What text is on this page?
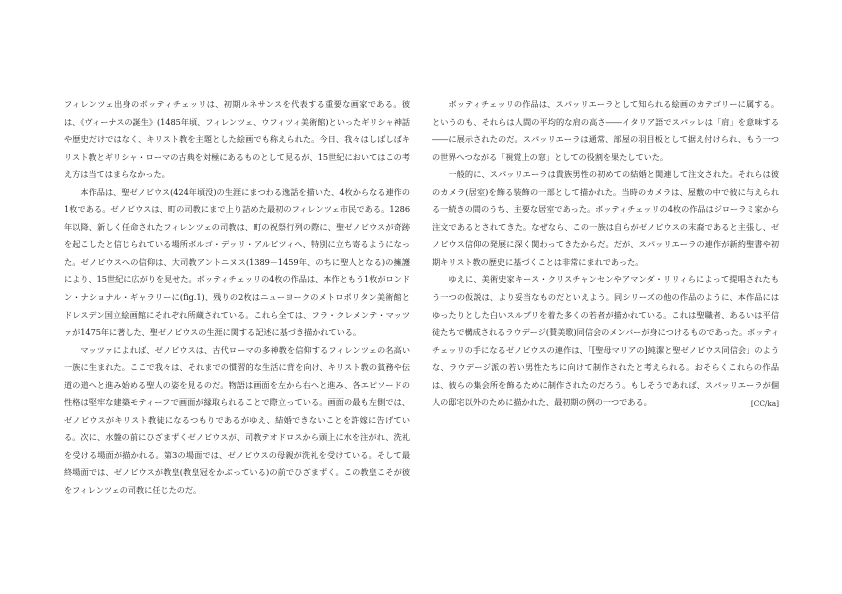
フィレンツェ出身のボッティチェッリは、初期ルネサンスを代表する重要な画家である。彼は、《ヴィーナスの誕生》(1485年頃、フィレンツェ、ウフィツィ美術館)といったギリシャ神話や歴史だけではなく、キリスト教を主題とした絵画でも称えられた。今日、我々はしばしばキリスト教とギリシャ・ローマの古典を対極にあるものとして見るが、15世紀においてはこの考え方は当てはまらなかった。

本作品は、聖ゼノビウス(424年頃没)の生涯にまつわる逸話を描いた、4枚からなる連作の1枚である。ゼノビウスは、町の司教にまで上り詰めた最初のフィレンツェ市民である。1286年以降、新しく任命されたフィレンツェの司教は、町の祝祭行列の際に、聖ゼノビウスが奇跡を起こしたと信じられている場所ボルゴ・デッリ・アルビツィへ、特別に立ち寄るようになった。ゼノビウスへの信仰は、大司教アントニヌス(1389－1459年、のちに聖人となる)の擁護により、15世紀に広がりを見せた。ボッティチェッリの4枚の作品は、本作ともう1枚がロンドン・ナショナル・ギャラリーに(fig.1)、残りの2枚はニューヨークのメトロポリタン美術館とドレスデン国立絵画館にそれぞれ所蔵されている。これら全ては、フラ・クレメンテ・マッツァが1475年に著した、聖ゼノビウスの生涯に関する記述に基づき描かれている。

マッツァによれば、ゼノビウスは、古代ローマの多神教を信仰するフィレンツェの名高い一族に生まれた。ここで我々は、それまでの慣習的な生活に背を向け、キリスト教の貧務や伝道の道へと進み始める聖人の姿を見るのだ。物語は画面を左から右へと進み、各エピソードの性格は堅牢な建築モティーフで画面が縁取られることで際立っている。画面の最も左側では、ゼノビウスがキリスト教徒になるつもりであるがゆえ、結婚できないことを許嫁に告げている。次に、水盤の前にひざまずくゼノビウスが、司教テオドロスから頭上に水を注がれ、洗礼を受ける場面が描かれる。第3の場面では、ゼノビウスの母親が洗礼を受けている。そして最終場面では、ゼノビウスが教皇(教皇冠をかぶっている)の前でひざまずく。この教皇こそが彼をフィレンツェの司教に任じたのだ。

ボッティチェッリの作品は、スパッリエーラとして知られる絵画のカテゴリーに属する。というのも、それらは人間の平均的な肩の高さ――イタリア語でスパッレは「肩」を意味する――に展示されたのだ。スパッリエーラは通常、部屋の羽目板として据え付けられ、もう一つの世界へつながる「視覚上の窓」としての役割を果たしていた。

一般的に、スパッリエーラは貴族男性の初めての結婚と関連して注文された。それらは彼のカメラ(居室)を飾る装飾の一部として描かれた。当時のカメラは、屋敷の中で彼に与えられる一続きの間のうち、主要な居室であった。ボッティチェッリの4枚の作品はジローラミ家から注文であるとされてきた。なぜなら、この一族は自らがゼノビウスの末裔であると主張し、ゼノビウス信仰の発展に深く関わってきたからだ。だが、スパッリエーラの連作が新約聖書や初期キリスト教の歴史に基づくことは非常にまれであった。

ゆえに、美術史家キース・クリスチャンセンやアマンダ・リリィらによって提唱されたもう一つの仮説は、より妥当なものだといえよう。同シリーズの他の作品のように、本作品にはゆったりとした白いスルプリを着た多くの若者が描かれている。これは聖職者、あるいは平信徒たちで構成されるラウデージ(賛美歌)同信会のメンバーが身につけるものであった。ボッティチェッリの手になるゼノビウスの連作は、「[聖母マリアの]純潔と聖ゼノビウス同信会」のような、ラウデージ派の若い男性たちに向けて制作されたと考えられる。おそらくこれらの作品は、彼らの集会所を飾るために制作されたのだろう。もしそうであれば、スパッリエーラが個人の邸宅以外のために描かれた、最初期の例の一つである。	[CC/ka]
